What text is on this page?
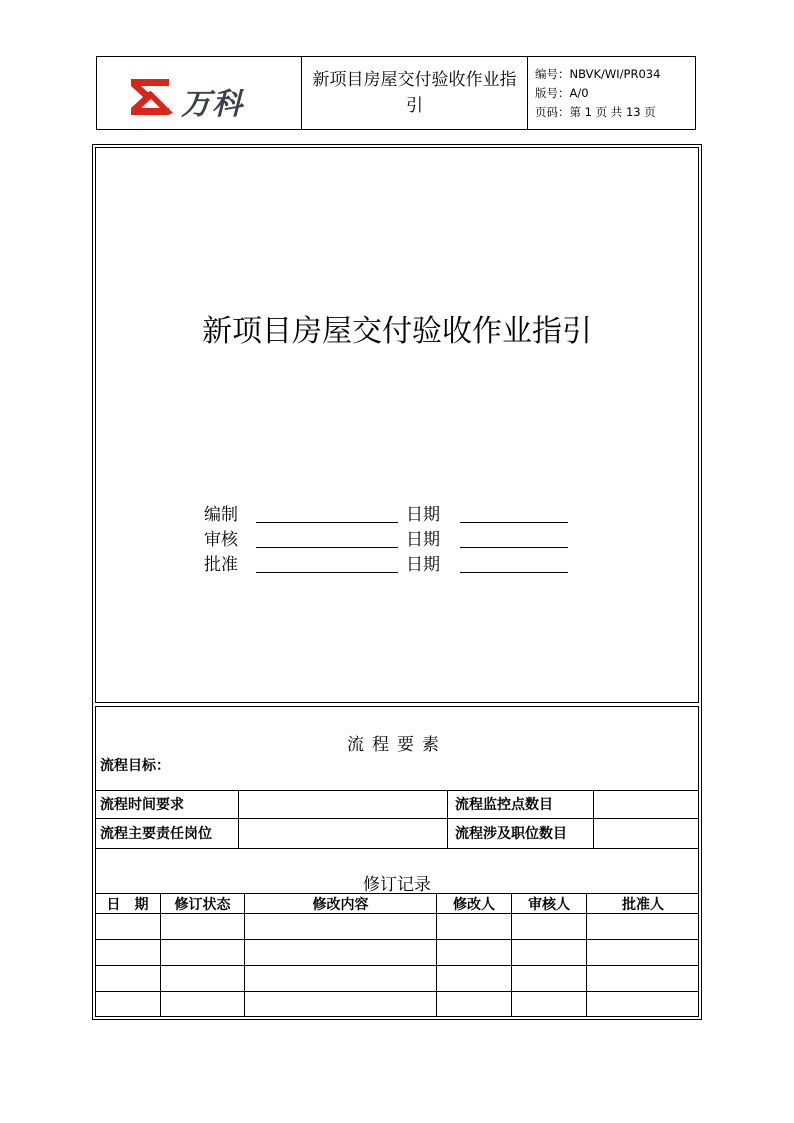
万科
新项目房屋交付验收作业指引
编号：NBVK/WI/PR034
版号：A/0
页码：第 1 页 共 13 页
新项目房屋交付验收作业指引
编制	日期
审核	日期
批准	日期
流程要素
流程目标：
流程时间要求	流程监控点数目
流程主要责任岗位	流程涉及职位数目
修订记录
日　期	修订状态	修改内容	修改人	审核人	批准人
